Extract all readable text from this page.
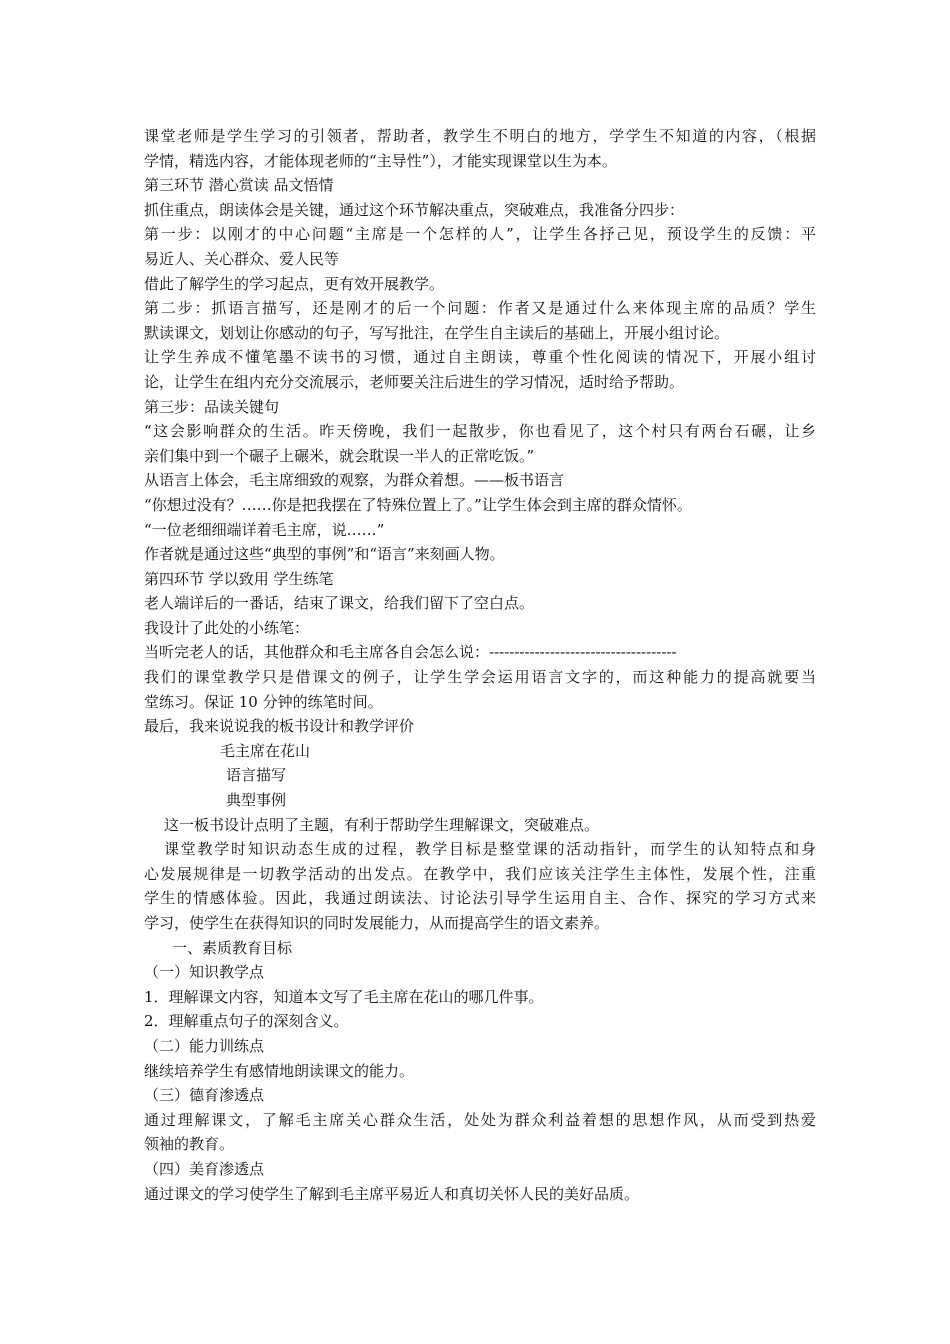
课堂老师是学生学习的引领者，帮助者，教学生不明白的地方，学学生不知道的内容，（根据
学情，精选内容，才能体现老师的“主导性”），才能实现课堂以生为本。
第三环节 潜心赏读 品文悟情
抓住重点，朗读体会是关键，通过这个环节解决重点，突破难点，我准备分四步：
第一步：以刚才的中心问题“主席是一个怎样的人”，让学生各抒己见，预设学生的反馈：平
易近人、关心群众、爱人民等
借此了解学生的学习起点，更有效开展教学。
第二步：抓语言描写，还是刚才的后一个问题：作者又是通过什么来体现主席的品质？学生
默读课文，划划让你感动的句子，写写批注，在学生自主读后的基础上，开展小组讨论。
让学生养成不懂笔墨不读书的习惯，通过自主朗读，尊重个性化阅读的情况下，开展小组讨
论，让学生在组内充分交流展示，老师要关注后进生的学习情况，适时给予帮助。
第三步：品读关键句
“这会影响群众的生活。昨天傍晚，我们一起散步，你也看见了，这个村只有两台石碾，让乡
亲们集中到一个碾子上碾米，就会耽误一半人的正常吃饭。”
从语言上体会，毛主席细致的观察，为群众着想。——板书语言
“你想过没有？……你是把我摆在了特殊位置上了。”让学生体会到主席的群众情怀。
“一位老细细端详着毛主席，说……”
作者就是通过这些“典型的事例”和“语言”来刻画人物。
第四环节 学以致用 学生练笔
老人端详后的一番话，结束了课文，给我们留下了空白点。
我设计了此处的小练笔：
当听完老人的话，其他群众和毛主席各自会怎么说：-------------------------------------
我们的课堂教学只是借课文的例子，让学生学会运用语言文字的，而这种能力的提高就要当
堂练习。保证 10 分钟的练笔时间。
最后，我来说说我的板书设计和教学评价
毛主席在花山
语言描写
典型事例
这一板书设计点明了主题，有利于帮助学生理解课文，突破难点。
课堂教学时知识动态生成的过程，教学目标是整堂课的活动指针，而学生的认知特点和身
心发展规律是一切教学活动的出发点。在教学中，我们应该关注学生主体性，发展个性，注重
学生的情感体验。因此，我通过朗读法、讨论法引导学生运用自主、合作、探究的学习方式来
学习，使学生在获得知识的同时发展能力，从而提高学生的语文素养。
一、素质教育目标
（一）知识教学点
1．理解课文内容，知道本文写了毛主席在花山的哪几件事。
2．理解重点句子的深刻含义。
（二）能力训练点
继续培养学生有感情地朗读课文的能力。
（三）德育渗透点
通过理解课文，了解毛主席关心群众生活，处处为群众利益着想的思想作风，从而受到热爱
领袖的教育。
（四）美育渗透点
通过课文的学习使学生了解到毛主席平易近人和真切关怀人民的美好品质。
